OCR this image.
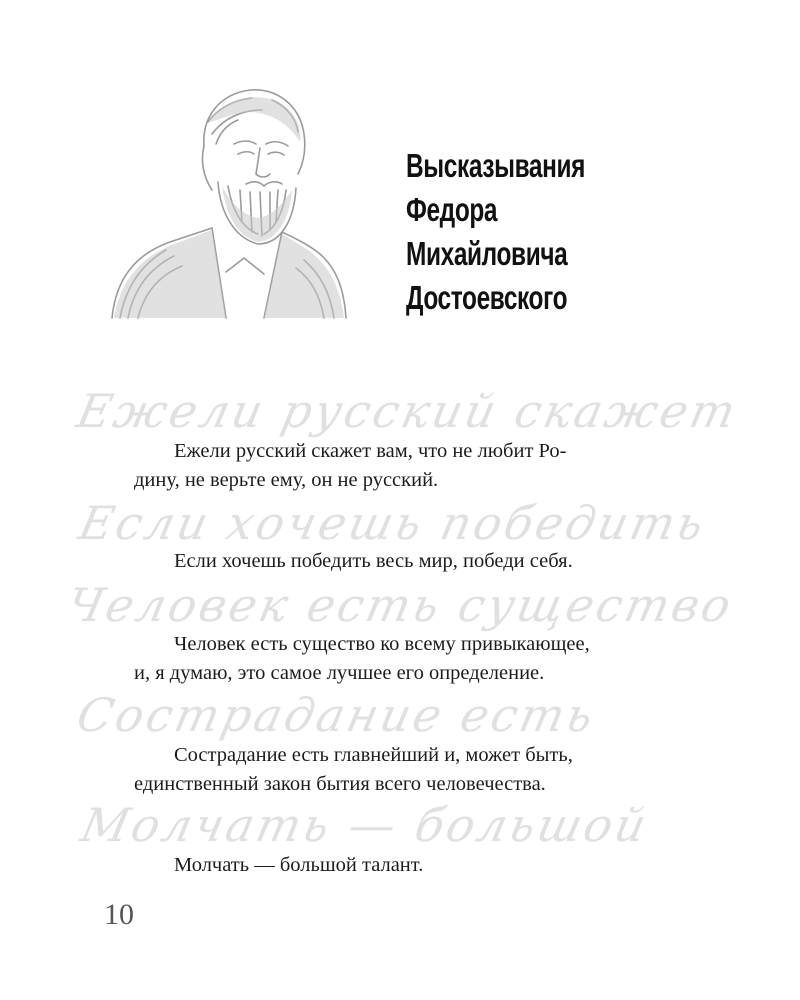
Высказывания
Федора
Михайловича
Достоевского
Ежели русский скажет
Ежели русский скажет вам, что не любит Ро-
дину, не верьте ему, он не русский.
Если хочешь победить
Если хочешь победить весь мир, победи себя.
Человек есть существо
Человек есть существо ко всему привыкающее,
и, я думаю, это самое лучшее его определение.
Сострадание есть
Сострадание есть главнейший и, может быть,
единственный закон бытия всего человечества.
Молчать — большой
Молчать — большой талант.
10
